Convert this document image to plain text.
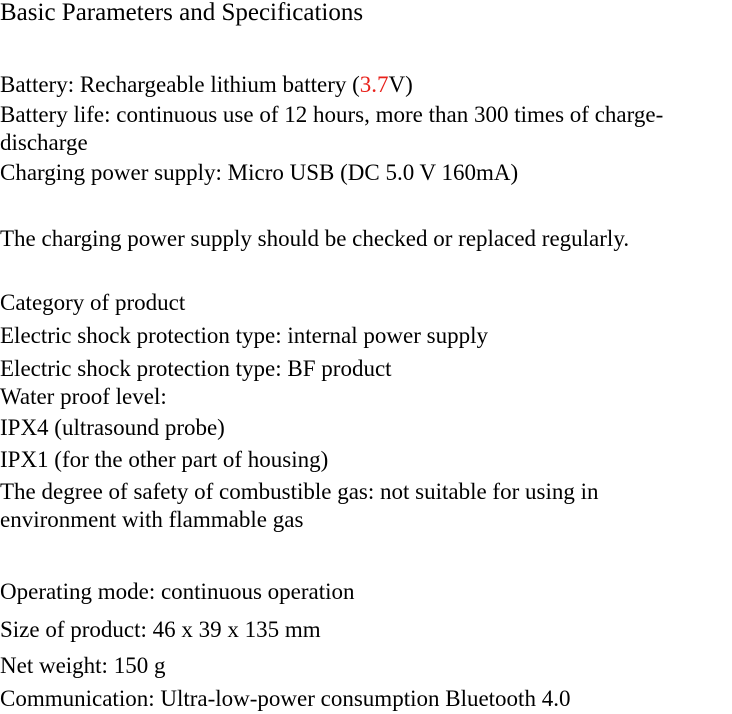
Basic Parameters and Specifications
Battery: Rechargeable lithium battery (3.7V)
Battery life: continuous use of 12 hours, more than 300 times of charge-
discharge
Charging power supply: Micro USB (DC 5.0 V 160mA)
The charging power supply should be checked or replaced regularly.
Category of product
Electric shock protection type: internal power supply
Electric shock protection type: BF product
Water proof level:
IPX4 (ultrasound probe)
IPX1 (for the other part of housing)
The degree of safety of combustible gas: not suitable for using in
environment with flammable gas
Operating mode: continuous operation
Size of product: 46 x 39 x 135 mm
Net weight: 150 g
Communication: Ultra-low-power consumption Bluetooth 4.0
